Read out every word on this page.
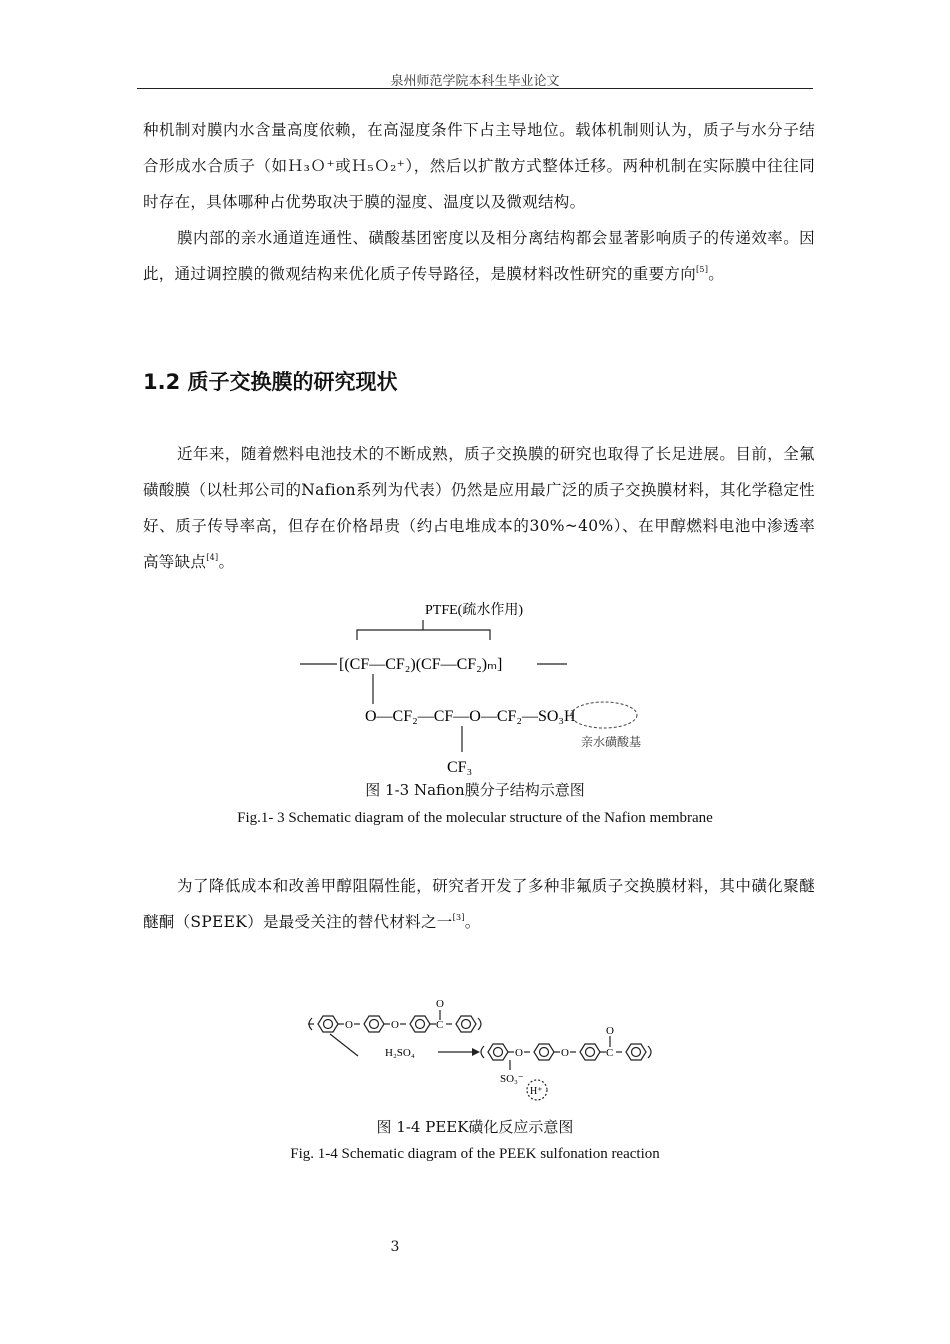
泉州师范学院本科生毕业论文
种机制对膜内水含量高度依赖，在高湿度条件下占主导地位。载体机制则认为，质子与水分子结合形成水合质子（如Ｈ₃Ｏ⁺或Ｈ₅Ｏ₂⁺），然后以扩散方式整体迁移。两种机制在实际膜中往往同时存在，具体哪种占优势取决于膜的湿度、温度以及微观结构。
膜内部的亲水通道连通性、磺酸基团密度以及相分离结构都会显著影响质子的传递效率。因此，通过调控膜的微观结构来优化质子传导路径，是膜材料改性研究的重要方向[5]。
1.2 质子交换膜的研究现状
近年来，随着燃料电池技术的不断成熟，质子交换膜的研究也取得了长足进展。目前，全氟磺酸膜（以杜邦公司的Nafion系列为代表）仍然是应用最广泛的质子交换膜材料，其化学稳定性好、质子传导率高，但存在价格昂贵（约占电堆成本的30%~40%）、在甲醇燃料电池中渗透率高等缺点[4]。
PTFE(疏水作用)
[(CF—CF₂)(CF—CF₂)ₘ]
O—CF₂—CF—O—CF₂—SO₃H
CF₃
亲水磺酸基
图 1-3 Nafion膜分子结构示意图
Fig.1- 3 Schematic diagram of the molecular structure of the Nafion membrane
为了降低成本和改善甲醇阻隔性能，研究者开发了多种非氟质子交换膜材料，其中磺化聚醚醚酮（SPEEK）是最受关注的替代材料之一[3]。
O	O
O
C
H₂SO₄	O	O
O
C
SO₃⁻
H⁺
图 1-4 PEEK磺化反应示意图
Fig. 1-4 Schematic diagram of the PEEK sulfonation reaction
3
